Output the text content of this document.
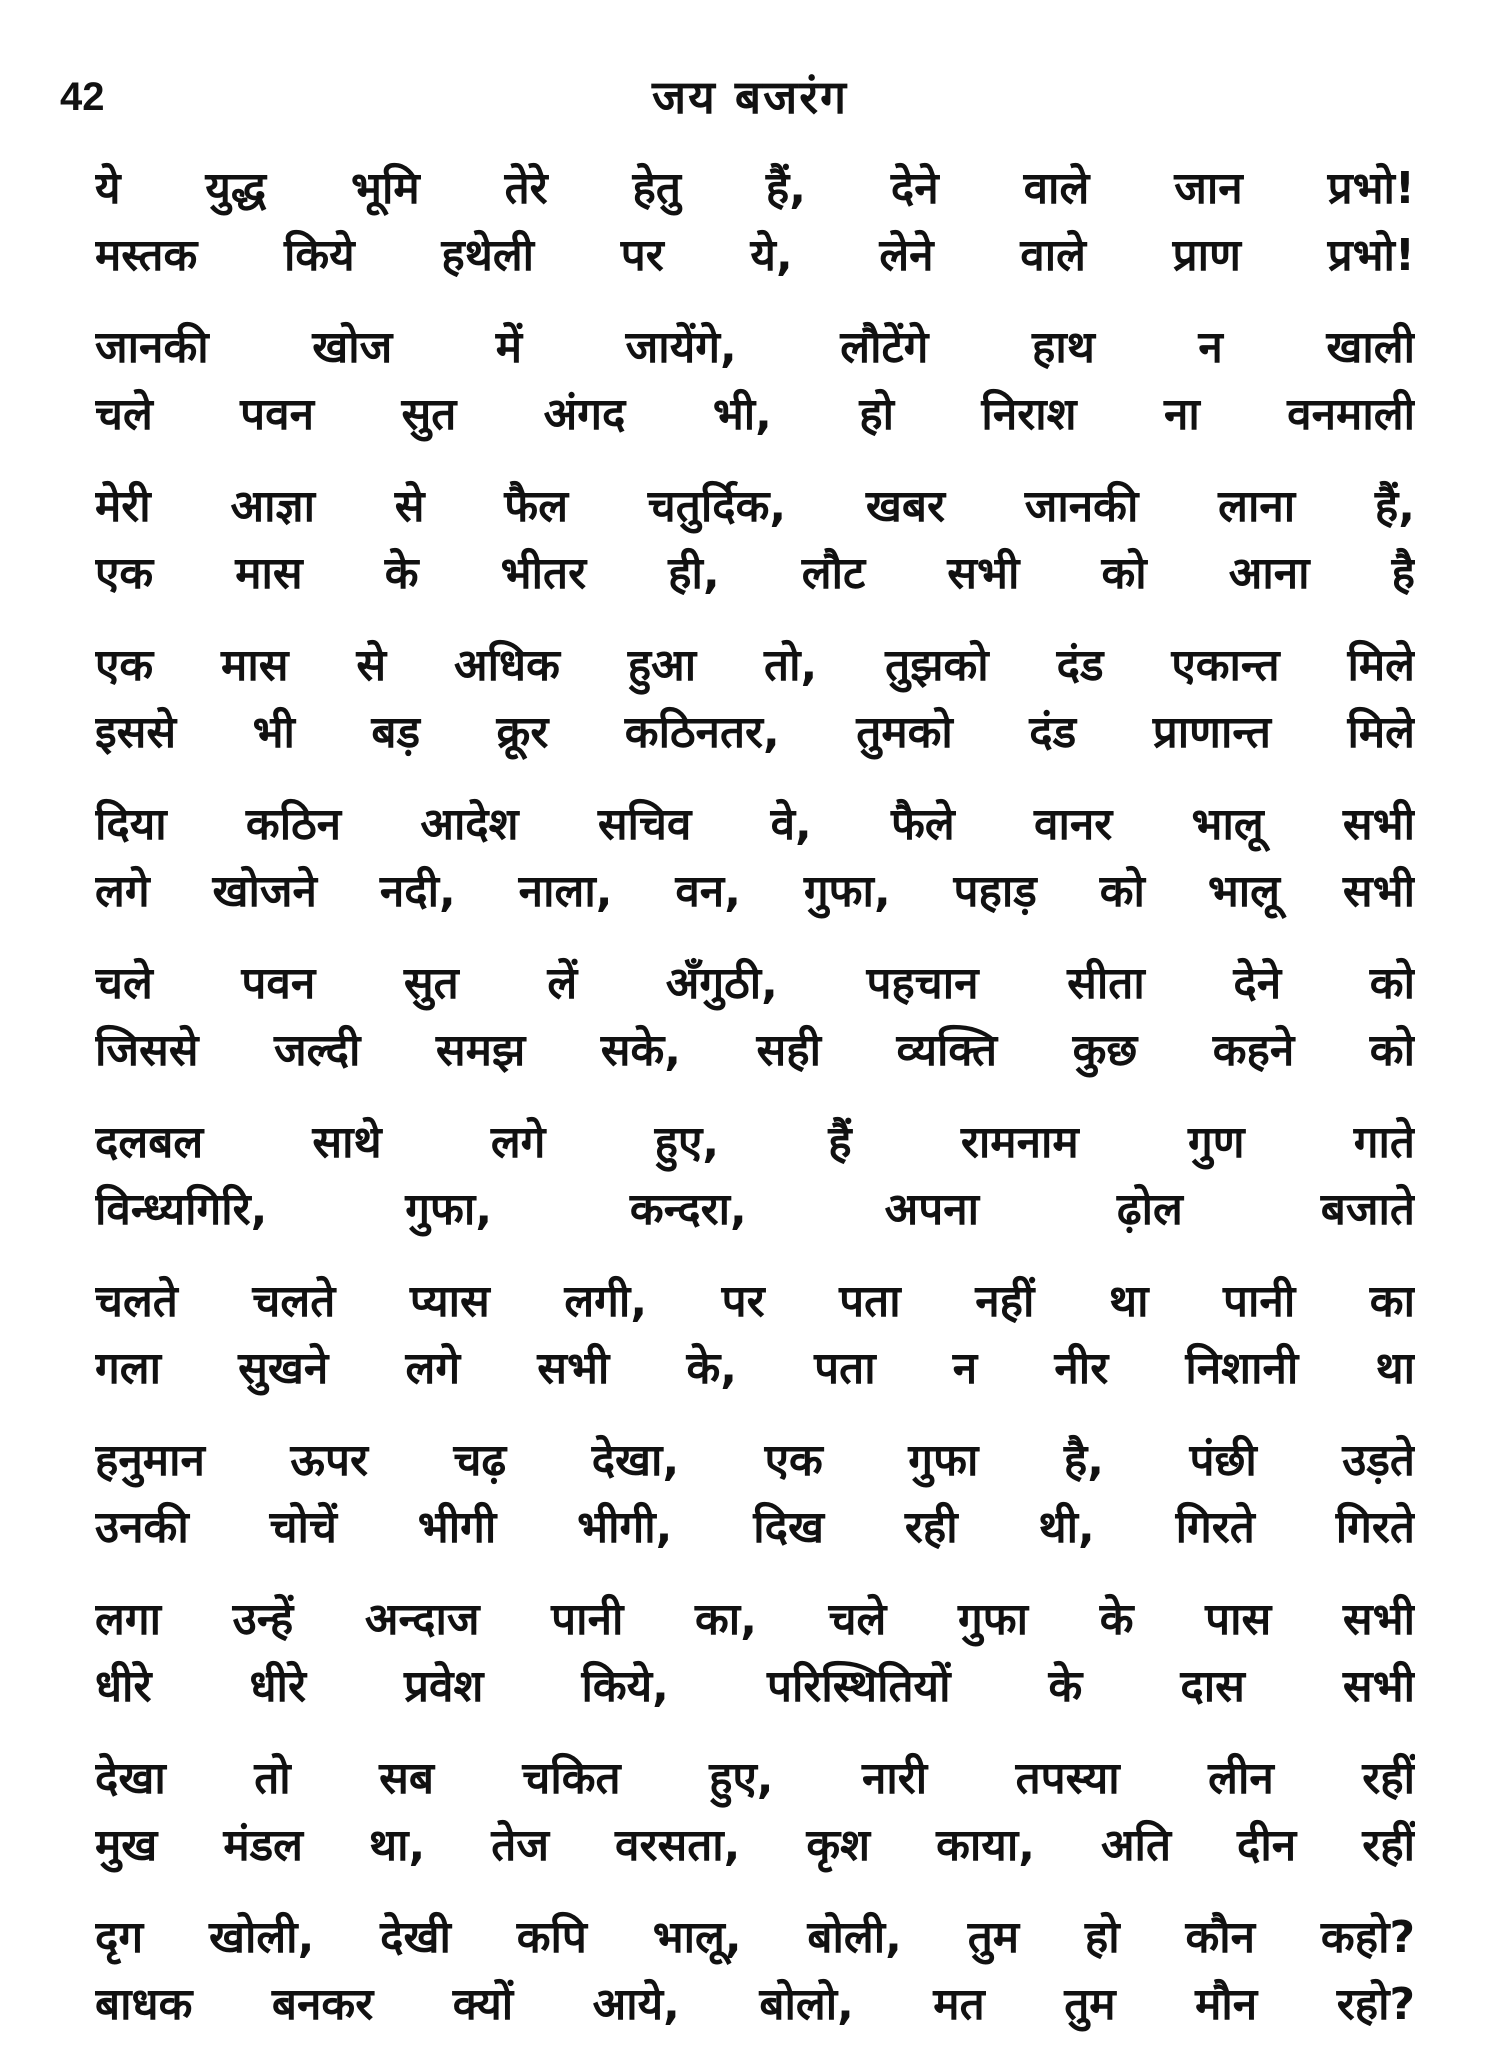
42	जय बजरंग
ये युद्ध भूमि तेरे हेतु हैं, देने वाले जान प्रभो!
मस्तक किये हथेली पर ये, लेने वाले प्राण प्रभो!
जानकी खोज में जायेंगे, लौटेंगे हाथ न खाली
चले पवन सुत अंगद भी, हो निराश ना वनमाली
मेरी आज्ञा से फैल चतुर्दिक, खबर जानकी लाना हैं,
एक मास के भीतर ही, लौट सभी को आना है
एक मास से अधिक हुआ तो, तुझको दंड एकान्त मिले
इससे भी बड़ क्रूर कठिनतर, तुमको दंड प्राणान्त मिले
दिया कठिन आदेश सचिव वे, फैले वानर भालू सभी
लगे खोजने नदी, नाला, वन, गुफा, पहाड़ को भालू सभी
चले पवन सुत लें अँगुठी, पहचान सीता देने को
जिससे जल्दी समझ सके, सही व्यक्ति कुछ कहने को
दलबल साथे लगे हुए, हैं रामनाम गुण गाते
विन्ध्यगिरि, गुफा, कन्दरा, अपना ढ़ोल बजाते
चलते चलते प्यास लगी, पर पता नहीं था पानी का
गला सुखने लगे सभी के, पता न नीर निशानी था
हनुमान ऊपर चढ़ देखा, एक गुफा है, पंछी उड़ते
उनकी चोचें भीगी भीगी, दिख रही थी, गिरते गिरते
लगा उन्हें अन्दाज पानी का, चले गुफा के पास सभी
धीरे धीरे प्रवेश किये, परिस्थितियों के दास सभी
देखा तो सब चकित हुए, नारी तपस्या लीन रहीं
मुख मंडल था, तेज वरसता, कृश काया, अति दीन रहीं
दृग खोली, देखी कपि भालू, बोली, तुम हो कौन कहो?
बाधक बनकर क्यों आये, बोलो, मत तुम मौन रहो?
